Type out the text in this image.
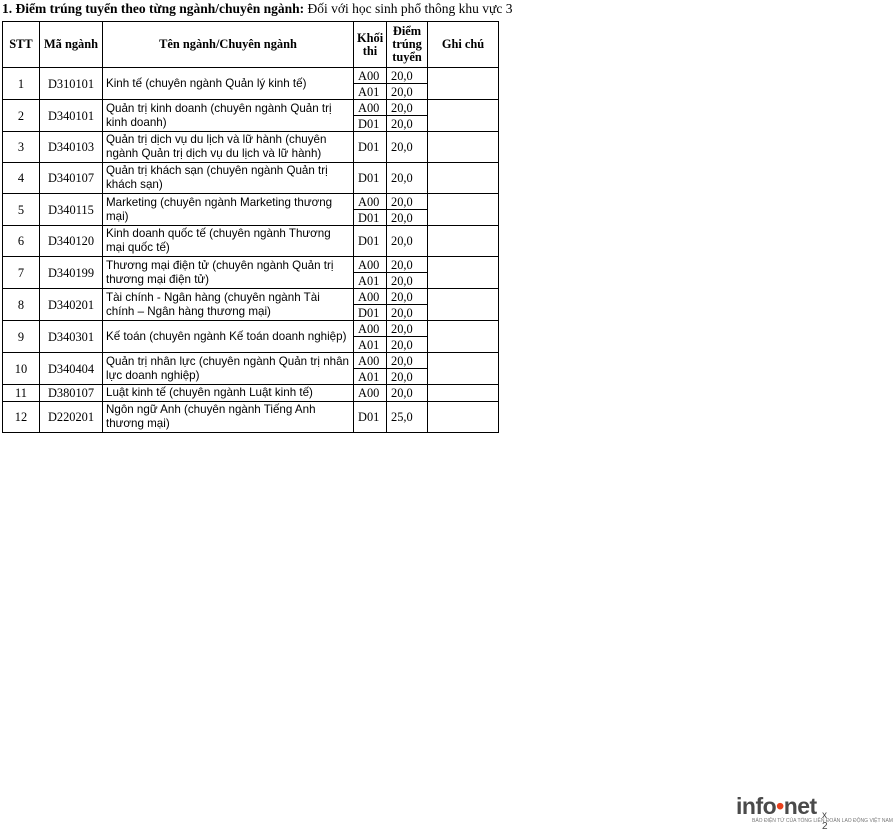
1. Điểm trúng tuyển theo từng ngành/chuyên ngành: Đối với học sinh phổ thông khu vực 3
STT	Mã ngành	Tên ngành/Chuyên ngành	Khối thi	Điểm trúng tuyển	Ghi chú
1	D310101	Kinh tế (chuyên ngành Quản lý kinh tế)	A00	20,0	
			A01	20,0	
2	D340101	Quản trị kinh doanh (chuyên ngành Quản trị kinh doanh)	A00	20,0	
			D01	20,0	
3	D340103	Quản trị dịch vụ du lịch và lữ hành (chuyên ngành Quản trị dịch vụ du lịch và lữ hành)	D01	20,0	
4	D340107	Quản trị khách sạn (chuyên ngành Quản trị khách sạn)	D01	20,0	
5	D340115	Marketing (chuyên ngành Marketing thương mại)	A00	20,0	
			D01	20,0	
6	D340120	Kinh doanh quốc tế (chuyên ngành Thương mại quốc tế)	D01	20,0	
7	D340199	Thương mại điện tử (chuyên ngành Quản trị thương mại điện tử)	A00	20,0	
			A01	20,0	
8	D340201	Tài chính - Ngân hàng (chuyên ngành Tài chính – Ngân hàng thương mại)	A00	20,0	
			D01	20,0	
9	D340301	Kế toán (chuyên ngành Kế toán doanh nghiệp)	A00	20,0	
			A01	20,0	
10	D340404	Quản trị nhân lực (chuyên ngành Quản trị nhân lực doanh nghiệp)	A00	20,0	
			A01	20,0	
11	D380107	Luật kinh tế (chuyên ngành Luật kinh tế)	A00	20,0	
12	D220201	Ngôn ngữ Anh (chuyên ngành Tiếng Anh thương mại)	D01	25,0	
info•net
BÁO ĐIỆN TỬ CỦA TỔNG LIÊN ĐOÀN LAO ĐỘNG VIỆT NAM
x 2
